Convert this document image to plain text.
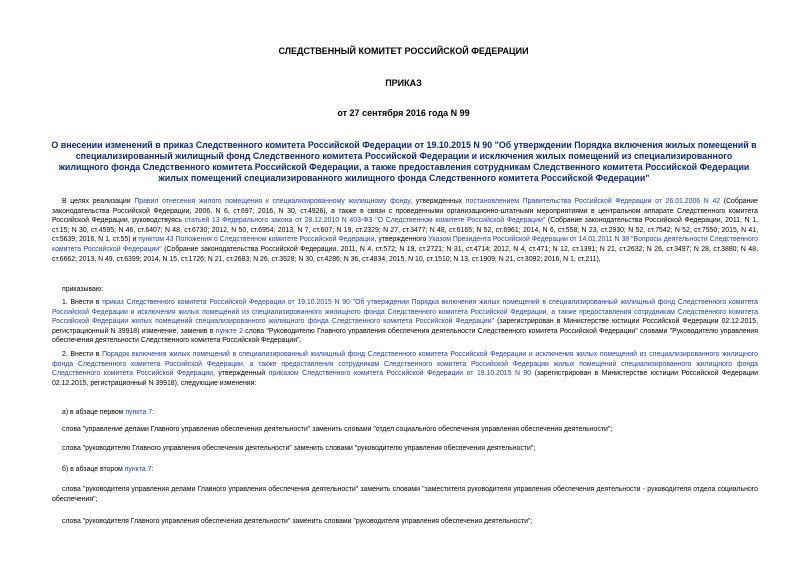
СЛЕДСТВЕННЫЙ КОМИТЕТ РОССИЙСКОЙ ФЕДЕРАЦИИ
ПРИКАЗ
от 27 сентября 2016 года N 99
О внесении изменений в приказ Следственного комитета Российской Федерации от 19.10.2015 N 90 "Об утверждении Порядка включения жилых помещений в специализированный жилищный фонд Следственного комитета Российской Федерации и исключения жилых помещений из специализированного жилищного фонда Следственного комитета Российской Федерации, а также предоставления сотрудникам Следственного комитета Российской Федерации жилых помещений специализированного жилищного фонда Следственного комитета Российской Федерации"
В целях реализации Правил отнесения жилого помещения к специализированному жилищному фонду, утвержденных постановлением Правительства Российской Федерации от 26.01.2006 N 42 (Собрание законодательства Российской Федерации, 2006, N 6, ст.697; 2016, N 30, ст.4926), а также в связи с проведенными организационно-штатными мероприятиями в центральном аппарате Следственного комитета Российской Федерации, руководствуясь статьей 13 Федерального закона от 28.12.2010 N 403-ФЗ "О Следственном комитете Российской Федерации" (Собрание законодательства Российской Федерации, 2011, N 1, ст.15; N 30, ст.4595; N 46, ст.6407; N 48, ст.6730; 2012, N 50, ст.6954; 2013, N 7, ст.607; N 19, ст.2329; N 27, ст.3477; N 48, ст.6165; N 52, ст.6961; 2014, N 6, ст.558; N 23, ст.2930; N 52, ст.7542; N 52, ст.7550; 2015, N 41, ст.5639; 2016, N 1, ст.55) и пунктом 43 Положения о Следственном комитете Российской Федерации, утвержденного Указом Президента Российской Федерации от 14.01.2011 N 38 "Вопросы деятельности Следственного комитета Российской Федерации" (Собрание законодательства Российской Федерации, 2011, N 4, ст.572; N 19, ст.2721; N 31, ст.4714; 2012, N 4, ст.471; N 12, ст.1391; N 21, ст.2632; N 26, ст.3497; N 28, ст.3880; N 48, ст.6662; 2013, N 49, ст.6399; 2014, N 15, ст.1726; N 21, ст.2683; N 26, ст.3528; N 30, ст.4286; N 36, ст.4834; 2015, N 10, ст.1510; N 13, ст.1909; N 21, ст.3092; 2016, N 1, ст.211),
приказываю:
1. Внести в приказ Следственного комитета Российской Федерации от 19.10.2015 N 90 "Об утверждении Порядка включения жилых помещений в специализированный жилищный фонд Следственного комитета Российской Федерации и исключения жилых помещений из специализированного жилищного фонда Следственного комитета Российской Федерации, а также предоставления сотрудникам Следственного комитета Российской Федерации жилых помещений специализированного жилищного фонда Следственного комитета Российской Федерации" (зарегистрирован в Министерстве юстиции Российской Федерации 02.12.2015, регистрационный N 39918) изменение, заменив в пункте 2 слова "Руководителю Главного управления обеспечения деятельности Следственного комитета Российской Федерации" словами "Руководителю управления обеспечения деятельности Следственного комитета Российской Федерации".
2. Внести в Порядок включения жилых помещений в специализированный жилищный фонд Следственного комитета Российской Федерации и исключения жилых помещений из специализированного жилищного фонда Следственного комитета Российской Федерации, а также предоставления сотрудникам Следственного комитета Российской Федерации жилых помещений специализированного жилищного фонда Следственного комитета Российской Федерации, утвержденный приказом Следственного комитета Российской Федерации от 19.10.2015 N 90 (зарегистрирован в Министерстве юстиции Российской Федерации 02.12.2015, регистрационный N 39918), следующие изменения:
а) в абзаце первом пункта 7:
слова "управление делами Главного управления обеспечения деятельности" заменить словами "отдел социального обеспечения управления обеспечения деятельности";
слова "руководителю Главного управления обеспечения деятельности" заменить словами "руководителю управления обеспечения деятельности";
б) в абзаце втором пункта 7:
слова "руководителя управления делами Главного управления обеспечения деятельности" заменить словами "заместителя руководителя управления обеспечения деятельности - руководителя отдела социального обеспечения";
слова "руководителя Главного управления обеспечения деятельности" заменить словами "руководителя управления обеспечения деятельности";
